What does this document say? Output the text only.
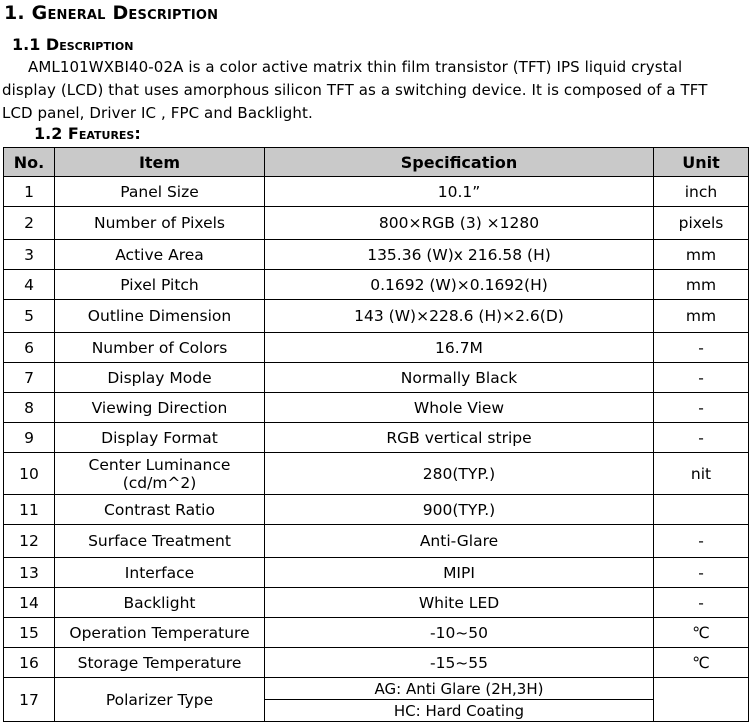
1. General Description
1.1 Description
AML101WXBI40-02A is a color active matrix thin film transistor (TFT) IPS liquid crystal
display (LCD) that uses amorphous silicon TFT as a switching device. It is composed of a TFT
LCD panel, Driver IC , FPC and Backlight.
1.2 Features:
No.	Item	Specification	Unit
1	Panel Size	10.1”	inch
2	Number of Pixels	800×RGB (3) ×1280	pixels
3	Active Area	135.36 (W)x 216.58 (H)	mm
4	Pixel Pitch	0.1692 (W)×0.1692(H)	mm
5	Outline Dimension	143 (W)×228.6 (H)×2.6(D)	mm
6	Number of Colors	16.7M	-
7	Display Mode	Normally Black	-
8	Viewing Direction	Whole View	-
9	Display Format	RGB vertical stripe	-
10	Center Luminance
(cd/m^2)	280(TYP.)	nit
11	Contrast Ratio	900(TYP.)	
12	Surface Treatment	Anti-Glare	-
13	Interface	MIPI	-
14	Backlight	White LED	-
15	Operation Temperature	-10~50	℃
16	Storage Temperature	-15~55	℃
17	Polarizer Type	AG: Anti Glare (2H,3H)	
		HC: Hard Coating	
